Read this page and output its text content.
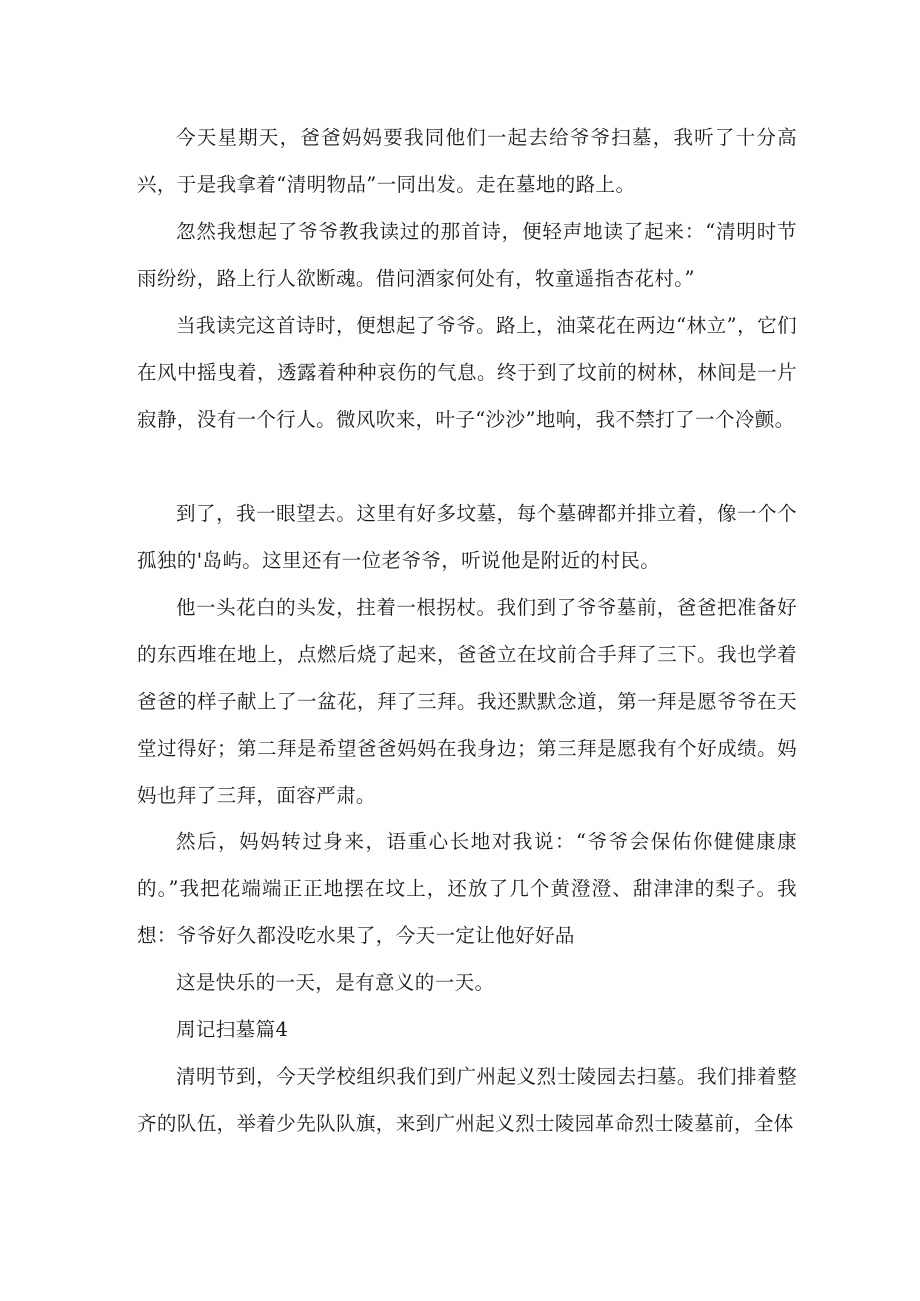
今天星期天，爸爸妈妈要我同他们一起去给爷爷扫墓，我听了十分高兴，于是我拿着“清明物品”一同出发。走在墓地的路上。

忽然我想起了爷爷教我读过的那首诗，便轻声地读了起来：“清明时节雨纷纷，路上行人欲断魂。借问酒家何处有，牧童遥指杏花村。”

当我读完这首诗时，便想起了爷爷。路上，油菜花在两边“林立”，它们在风中摇曳着，透露着种种哀伤的气息。终于到了坟前的树林，林间是一片寂静，没有一个行人。微风吹来，叶子“沙沙”地响，我不禁打了一个冷颤。

到了，我一眼望去。这里有好多坟墓，每个墓碑都并排立着，像一个个孤独的'岛屿。这里还有一位老爷爷，听说他是附近的村民。

他一头花白的头发，拄着一根拐杖。我们到了爷爷墓前，爸爸把准备好的东西堆在地上，点燃后烧了起来，爸爸立在坟前合手拜了三下。我也学着爸爸的样子献上了一盆花，拜了三拜。我还默默念道，第一拜是愿爷爷在天堂过得好；第二拜是希望爸爸妈妈在我身边；第三拜是愿我有个好成绩。妈妈也拜了三拜，面容严肃。

然后，妈妈转过身来，语重心长地对我说：“爷爷会保佑你健健康康的。”我把花端端正正地摆在坟上，还放了几个黄澄澄、甜津津的梨子。我想：爷爷好久都没吃水果了，今天一定让他好好品

这是快乐的一天，是有意义的一天。

周记扫墓篇4

清明节到，今天学校组织我们到广州起义烈士陵园去扫墓。我们排着整齐的队伍，举着少先队队旗，来到广州起义烈士陵园革命烈士陵墓前，全体
